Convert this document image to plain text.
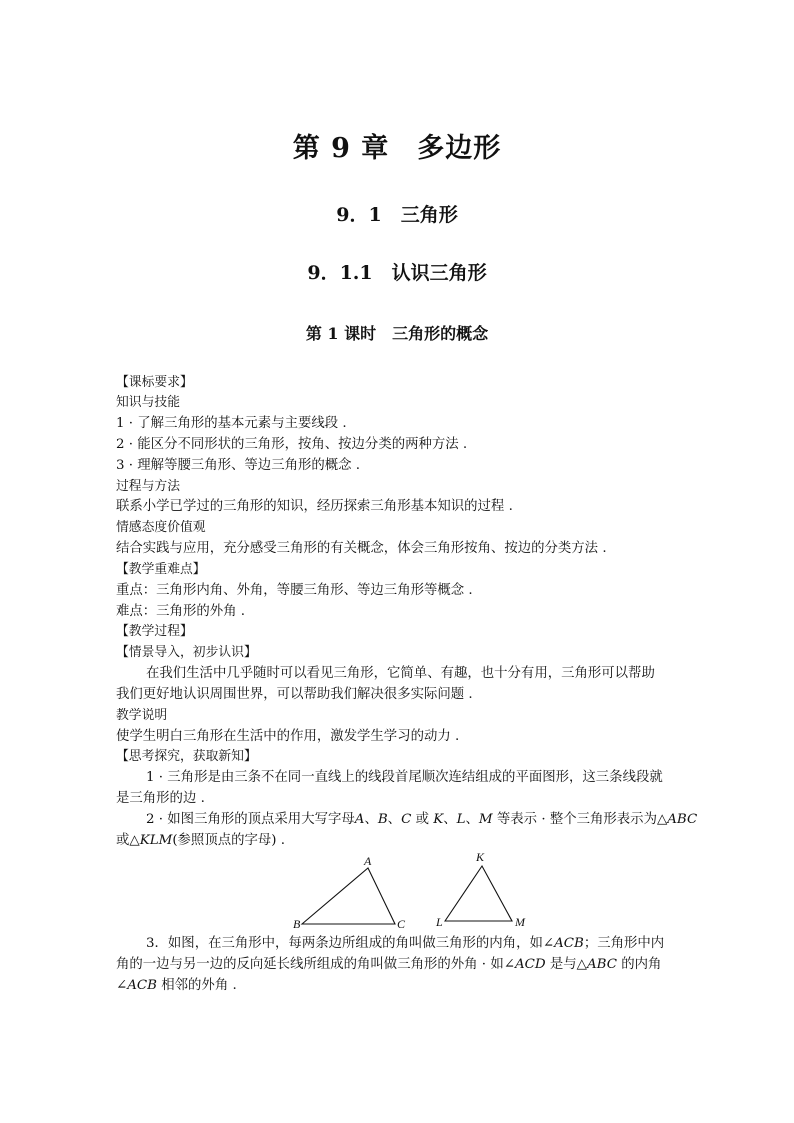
第 9 章　多边形
9．1　三角形
9．1.1　认识三角形
第 1 课时　三角形的概念
【课标要求】
知识与技能
1 · 了解三角形的基本元素与主要线段 .
2 · 能区分不同形状的三角形，按角、按边分类的两种方法 .
3 · 理解等腰三角形、等边三角形的概念 .
过程与方法
联系小学已学过的三角形的知识，经历探索三角形基本知识的过程 .
情感态度价值观
结合实践与应用，充分感受三角形的有关概念，体会三角形按角、按边的分类方法 .
【教学重难点】
重点：三角形内角、外角，等腰三角形、等边三角形等概念 .
难点：三角形的外角 .
【教学过程】
【情景导入，初步认识】
在我们生活中几乎随时可以看见三角形，它简单、有趣，也十分有用，三角形可以帮助
我们更好地认识周围世界，可以帮助我们解决很多实际问题 .
教学说明
使学生明白三角形在生活中的作用，激发学生学习的动力 .
【思考探究，获取新知】
1 · 三角形是由三条不在同一直线上的线段首尾顺次连结组成的平面图形，这三条线段就
是三角形的边 .
2 · 如图三角形的顶点采用大写字母A、B、C 或 K、L、M 等表示 · 整个三角形表示为△ABC
或△KLM(参照顶点的字母) .
A
B	C
K
L	M
3．如图，在三角形中，每两条边所组成的角叫做三角形的内角，如∠ACB；三角形中内
角的一边与另一边的反向延长线所组成的角叫做三角形的外角 · 如∠ACD 是与△ABC 的内角
∠ACB 相邻的外角 .
